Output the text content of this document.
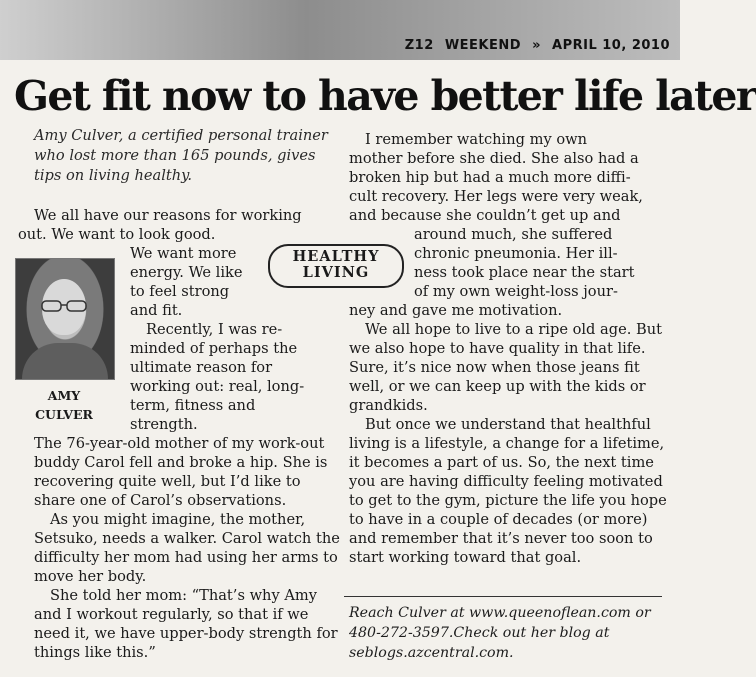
Z12 WEEKEND » APRIL 10, 2010
Get fit now to have better life later

Amy Culver, a certified personal trainer who lost more than 165 pounds, gives tips on living healthy.

We all have our reasons for working

out. We want to look good.

AMY
CULVER

We want more

energy. We like

to feel strong

and fit.

Recently, I was re-

minded of perhaps the

ultimate reason for

working out: real, long-

term, fitness and

strength.

The 76-year-old mother of my work-out buddy Carol fell and broke a hip. She is recovering quite well, but I’d like to share one of Carol’s observations.

As you might imagine, the mother, Setsuko, needs a walker. Carol watch the difficulty her mom had using her arms to move her body.

She told her mom: “That’s why Amy and I workout regularly, so that if we need it, we have upper-body strength for things like this.”

HEALTHY
LIVING

I remember watching my own

mother before she died. She also had a

broken hip but had a much more diffi-

cult recovery. Her legs were very weak,

and because she couldn’t get up and

around much, she suffered

chronic pneumonia. Her ill-

ness took place near the start

of my own weight-loss jour-

ney and gave me motivation.

We all hope to live to a ripe old age. But we also hope to have quality in that life. Sure, it’s nice now when those jeans fit well, or we can keep up with the kids or grandkids.

But once we understand that healthful living is a lifestyle, a change for a lifetime, it becomes a part of us. So, the next time you are having difficulty feeling motivated to get to the gym, picture the life you hope to have in a couple of decades (or more) and remember that it’s never too soon to start working toward that goal.

Reach Culver at www.queenoflean.com or 480-272-3597.Check out her blog at seblogs.azcentral.com.
